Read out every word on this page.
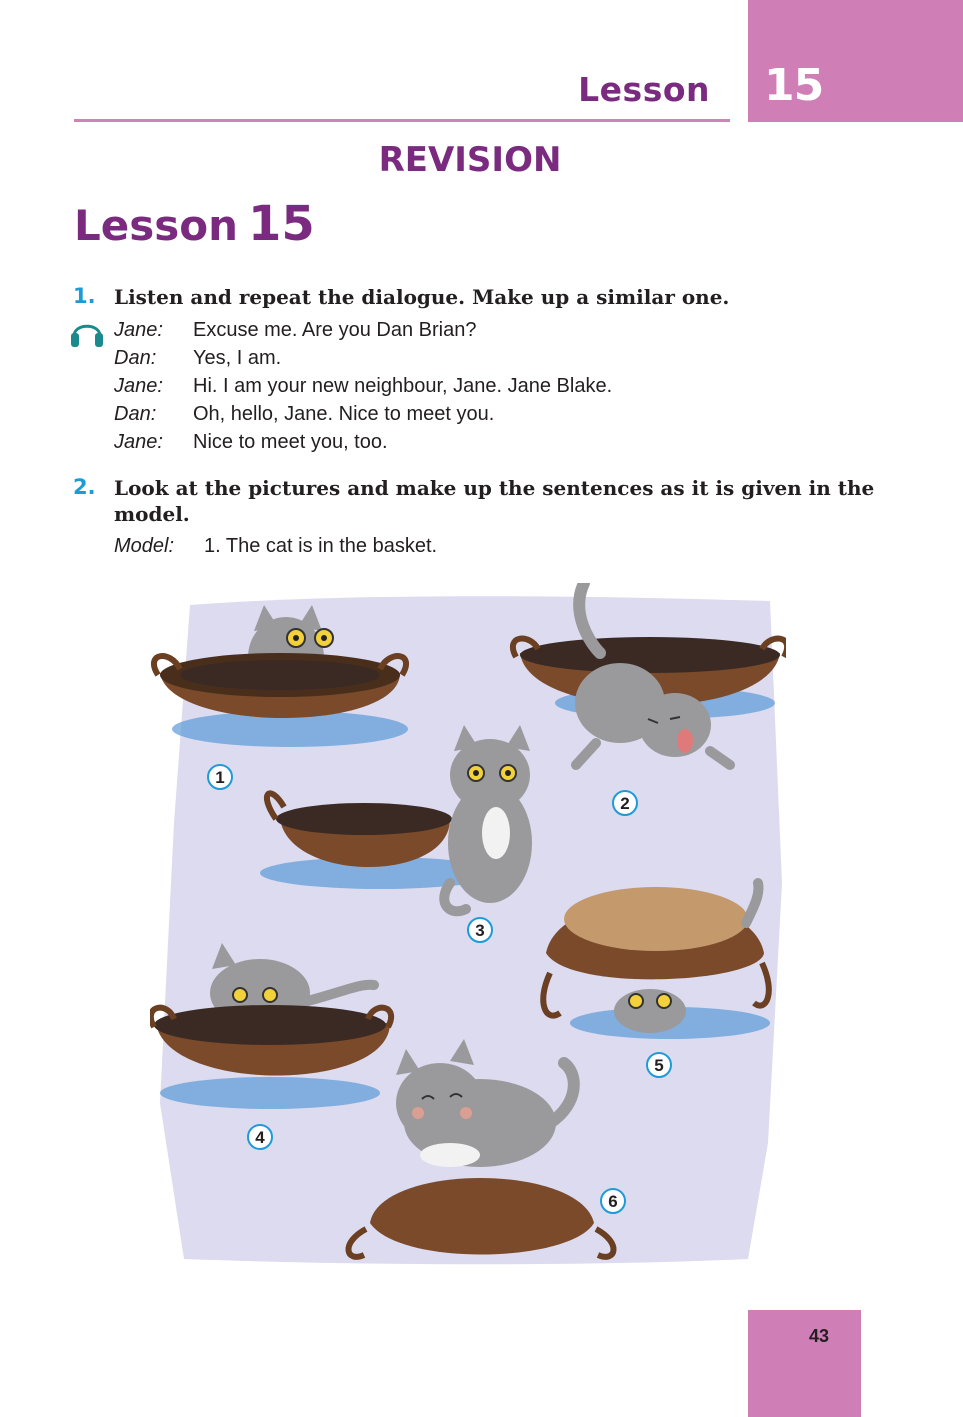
Lesson 15
REVISION
Lesson 15
1. Listen and repeat the dialogue. Make up a similar one.
Jane: Excuse me. Are you Dan Brian?
Dan: Yes, I am.
Jane: Hi. I am your new neighbour, Jane. Jane Blake.
Dan: Oh, hello, Jane. Nice to meet you.
Jane: Nice to meet you, too.
2. Look at the pictures and make up the sentences as it is given in the model.
Model: 1. The cat is in the basket.
1
2
3
4
5
6
43
